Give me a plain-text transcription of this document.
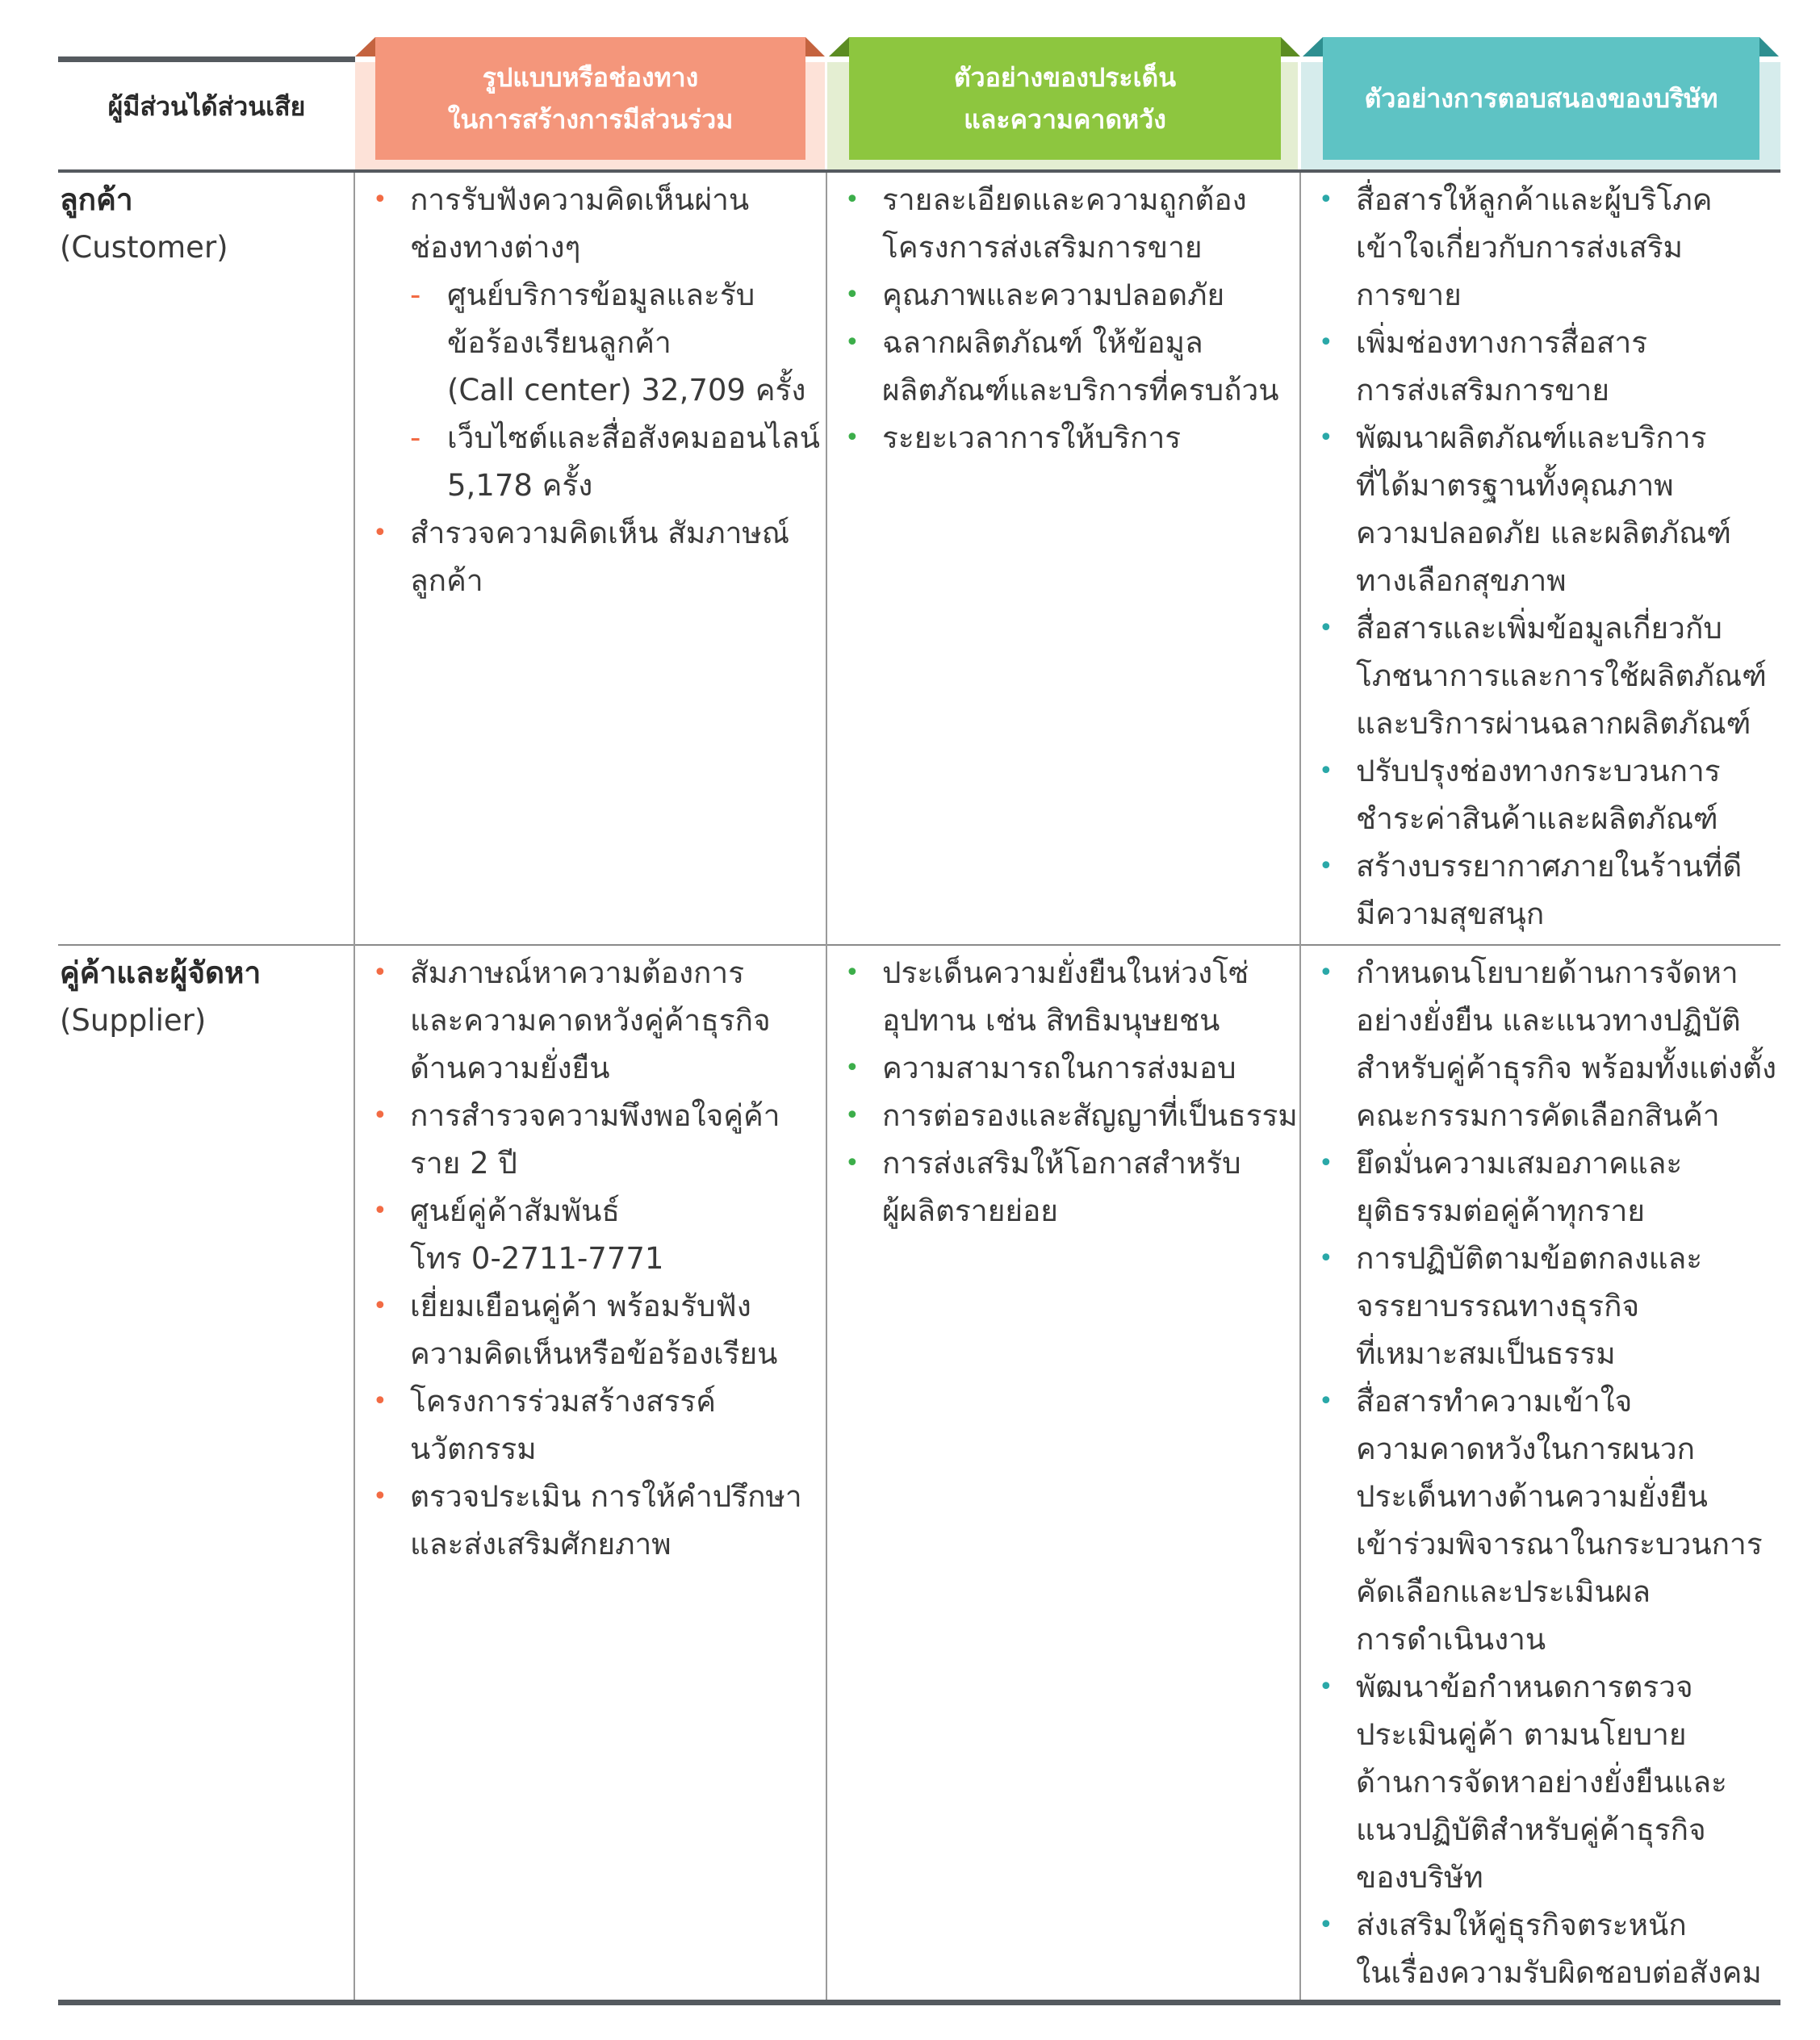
ผู้มีส่วนได้ส่วนเสีย
รูปแบบหรือช่องทาง
ในการสร้างการมีส่วนร่วม
ตัวอย่างของประเด็น
และความคาดหวัง
ตัวอย่างการตอบสนองของบริษัท
ลูกค้า
(Customer)
• การรับฟังความคิดเห็นผ่าน
ช่องทางต่างๆ
- ศูนย์บริการข้อมูลและรับ
ข้อร้องเรียนลูกค้า
(Call center) 32,709 ครั้ง
- เว็บไซต์และสื่อสังคมออนไลน์
5,178 ครั้ง
• สำรวจความคิดเห็น สัมภาษณ์
ลูกค้า
• รายละเอียดและความถูกต้อง
โครงการส่งเสริมการขาย
• คุณภาพและความปลอดภัย
• ฉลากผลิตภัณฑ์ ให้ข้อมูล
ผลิตภัณฑ์และบริการที่ครบถ้วน
• ระยะเวลาการให้บริการ
• สื่อสารให้ลูกค้าและผู้บริโภค
เข้าใจเกี่ยวกับการส่งเสริม
การขาย
• เพิ่มช่องทางการสื่อสาร
การส่งเสริมการขาย
• พัฒนาผลิตภัณฑ์และบริการ
ที่ได้มาตรฐานทั้งคุณภาพ
ความปลอดภัย และผลิตภัณฑ์
ทางเลือกสุขภาพ
• สื่อสารและเพิ่มข้อมูลเกี่ยวกับ
โภชนาการและการใช้ผลิตภัณฑ์
และบริการผ่านฉลากผลิตภัณฑ์
• ปรับปรุงช่องทางกระบวนการ
ชำระค่าสินค้าและผลิตภัณฑ์
• สร้างบรรยากาศภายในร้านที่ดี
มีความสุขสนุก
คู่ค้าและผู้จัดหา
(Supplier)
• สัมภาษณ์หาความต้องการ
และความคาดหวังคู่ค้าธุรกิจ
ด้านความยั่งยืน
• การสำรวจความพึงพอใจคู่ค้า
ราย 2 ปี
• ศูนย์คู่ค้าสัมพันธ์
โทร 0-2711-7771
• เยี่ยมเยือนคู่ค้า พร้อมรับฟัง
ความคิดเห็นหรือข้อร้องเรียน
• โครงการร่วมสร้างสรรค์
นวัตกรรม
• ตรวจประเมิน การให้คำปรึกษา
และส่งเสริมศักยภาพ
• ประเด็นความยั่งยืนในห่วงโซ่
อุปทาน เช่น สิทธิมนุษยชน
• ความสามารถในการส่งมอบ
• การต่อรองและสัญญาที่เป็นธรรม
• การส่งเสริมให้โอกาสสำหรับ
ผู้ผลิตรายย่อย
• กำหนดนโยบายด้านการจัดหา
อย่างยั่งยืน และแนวทางปฏิบัติ
สำหรับคู่ค้าธุรกิจ พร้อมทั้งแต่งตั้ง
คณะกรรมการคัดเลือกสินค้า
• ยึดมั่นความเสมอภาคและ
ยุติธรรมต่อคู่ค้าทุกราย
• การปฏิบัติตามข้อตกลงและ
จรรยาบรรณทางธุรกิจ
ที่เหมาะสมเป็นธรรม
• สื่อสารทำความเข้าใจ
ความคาดหวังในการผนวก
ประเด็นทางด้านความยั่งยืน
เข้าร่วมพิจารณาในกระบวนการ
คัดเลือกและประเมินผล
การดำเนินงาน
• พัฒนาข้อกำหนดการตรวจ
ประเมินคู่ค้า ตามนโยบาย
ด้านการจัดหาอย่างยั่งยืนและ
แนวปฏิบัติสำหรับคู่ค้าธุรกิจ
ของบริษัท
• ส่งเสริมให้คู่ธุรกิจตระหนัก
ในเรื่องความรับผิดชอบต่อสังคม
